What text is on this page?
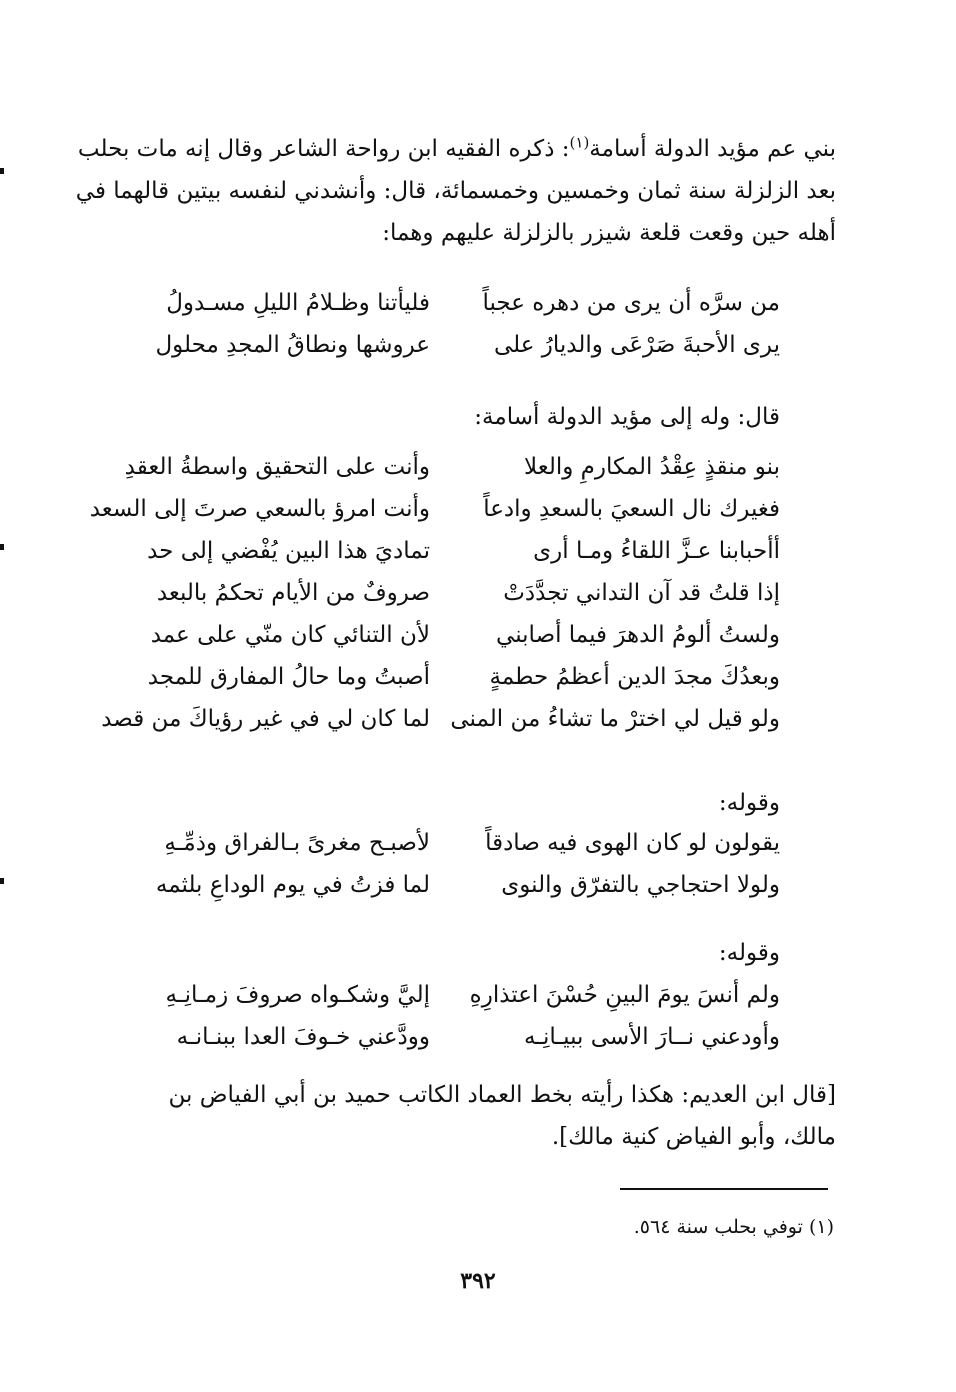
بني عم مؤيد الدولة أسامة$^{(١)}$: ذكره الفقيه ابن رواحة الشاعر وقال إنه مات بحلب
بعد الزلزلة سنة ثمان وخمسين وخمسمائة، قال: وأنشدني لنفسه بيتين قالهما في
أهله حين وقعت قلعة شيزر بالزلزلة عليهم وهما:
من سرَّه أن يرى من دهره عجباً
فليأتنا وظـلامُ الليلِ مسـدولُ
يرى الأحبةَ صَرْعَى والديارُ على
عروشها ونطاقُ المجدِ محلول
قال: وله إلى مؤيد الدولة أسامة:
بنو منقذٍ عِقْدُ المكارمِ والعلا
وأنت على التحقيق واسطةُ العقدِ
فغيرك نال السعيَ بالسعدِ وادعاً
وأنت امرؤ بالسعي صرتَ إلى السعد
أأحبابنا عـزَّ اللقاءُ ومـا أرى
تماديَ هذا البين يُفْضي إلى حد
إذا قلتُ قد آن التداني تجدَّدَتْ
صروفٌ من الأيام تحكمُ بالبعد
ولستُ ألومُ الدهرَ فيما أصابني
لأن التنائي كان منّي على عمد
وبعدُكَ مجدَ الدين أعظمُ حطمةٍ
أصبتُ وما حالُ المفارق للمجد
ولو قيل لي اخترْ ما تشاءُ من المنى
لما كان لي في غير رؤياكَ من قصد
وقوله:
يقولون لو كان الهوى فيه صادقاً
لأصبـح مغرىً بـالفراق وذمِّـهِ
ولولا احتجاجي بالتفرّق والنوى
لما فزتُ في يوم الوداعِ بلثمه
وقوله:
ولم أنسَ يومَ البينِ حُسْنَ اعتذارِهِ
إليَّ وشكـواه صروفَ زمـانِـهِ
وأودعني نــارَ الأسى ببيـانِـه
وودَّعني خـوفَ العدا ببنـانـه
[قال ابن العديم: هكذا رأيته بخط العماد الكاتب حميد بن أبي الفياض بن
مالك، وأبو الفياض كنية مالك].
(١) توفي بحلب سنة ٥٦٤.
٣٩٢
